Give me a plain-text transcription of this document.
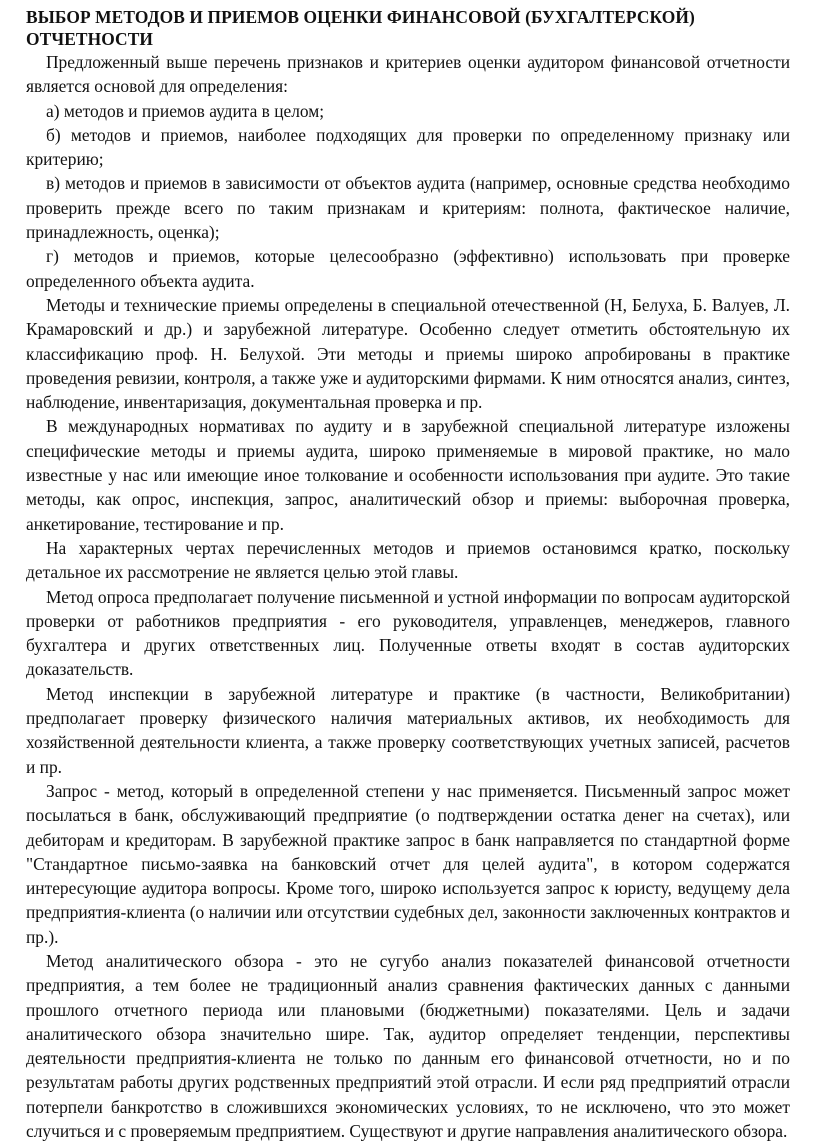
ВЫБОР МЕТОДОВ И ПРИЕМОВ ОЦЕНКИ ФИНАНСОВОЙ (БУХГАЛТЕРСКОЙ) ОТЧЕТНОСТИ

Предложенный выше перечень признаков и критериев оценки аудитором финансовой отчетности является основой для определения:

а) методов и приемов аудита в целом;

б) методов и приемов, наиболее подходящих для проверки по определенному признаку или критерию;

в) методов и приемов в зависимости от объектов аудита (например, основные средства необходимо проверить прежде всего по таким признакам и критериям: полнота, фактическое наличие, принадлежность, оценка);

г) методов и приемов, которые целесообразно (эффективно) использовать при проверке определенного объекта аудита.

Методы и технические приемы определены в специальной отечественной (Н, Белуха, Б. Валуев, Л. Крамаровский и др.) и зарубежной литературе. Особенно следует отметить обстоятельную их классификацию проф. Н. Белухой. Эти методы и приемы широко апробированы в практике проведения ревизии, контроля, а также уже и аудиторскими фирмами. К ним относятся анализ, синтез, наблюдение, инвентаризация, документальная проверка и пр.

В международных нормативах по аудиту и в зарубежной специальной литературе изложены специфические методы и приемы аудита, широко применяемые в мировой практике, но мало известные у нас или имеющие иное толкование и особенности использования при аудите. Это такие методы, как опрос, инспекция, запрос, аналитический обзор и приемы: выборочная проверка, анкетирование, тестирование и пр.

На характерных чертах перечисленных методов и приемов остановимся кратко, поскольку детальное их рассмотрение не является целью этой главы.

Метод опроса предполагает получение письменной и устной информации по вопросам аудиторской проверки от работников предприятия - его руководителя, управленцев, менеджеров, главного бухгалтера и других ответственных лиц. Полученные ответы входят в состав аудиторских доказательств.

Метод инспекции в зарубежной литературе и практике (в частности, Великобритании) предполагает проверку физического наличия материальных активов, их необходимость для хозяйственной деятельности клиента, а также проверку соответствующих учетных записей, расчетов и пр.

Запрос - метод, который в определенной степени у нас применяется. Письменный запрос может посылаться в банк, обслуживающий предприятие (о подтверждении остатка денег на счетах), или дебиторам и кредиторам. В зарубежной практике запрос в банк направляется по стандартной форме "Стандартное письмо-заявка на банковский отчет для целей аудита", в котором содержатся интересующие аудитора вопросы. Кроме того, широко используется запрос к юристу, ведущему дела предприятия-клиента (о наличии или отсутствии судебных дел, законности заключенных контрактов и пр.).

Метод аналитического обзора - это не сугубо анализ показателей финансовой отчетности предприятия, а тем более не традиционный анализ сравнения фактических данных с данными прошлого отчетного периода или плановыми (бюджетными) показателями. Цель и задачи аналитического обзора значительно шире. Так, аудитор определяет тенденции, перспективы деятельности предприятия-клиента не только по данным его финансовой отчетности, но и по результатам работы других родственных предприятий этой отрасли. И если ряд предприятий отрасли потерпели банкротство в сложившихся экономических условиях, то не исключено, что это может случиться и с проверяемым предприятием. Существуют и другие направления аналитического обзора.
